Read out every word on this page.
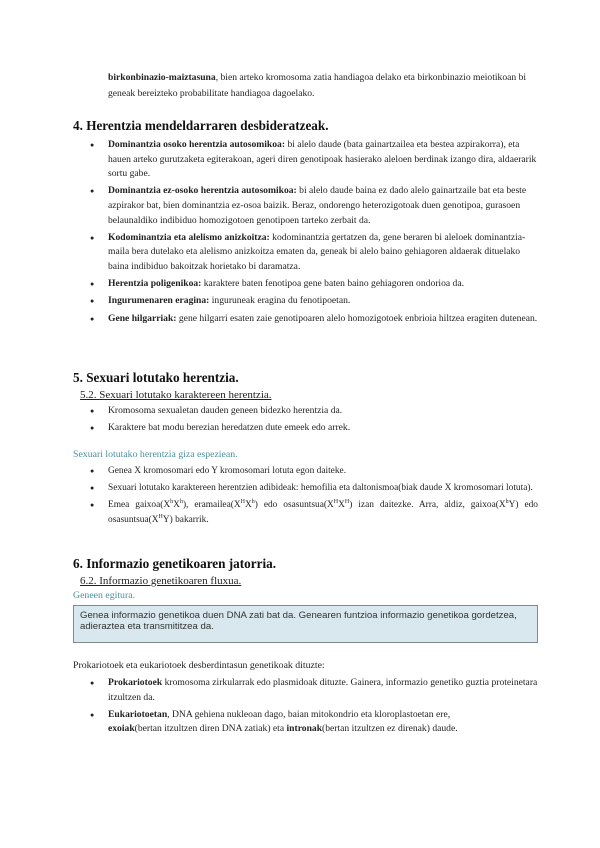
birkonbinazio-maiztasuna, bien arteko kromosoma zatia handiagoa delako eta birkonbinazio meiotikoan bi geneak bereizteko probabilitate handiagoa dagoelako.

4. Herentzia mendeldarraren desbideratzeak.
● Dominantzia osoko herentzia autosomikoa: bi alelo daude (bata gainartzailea eta bestea azpirakorra), eta hauen arteko gurutzaketa egiterakoan, ageri diren genotipoak hasierako aleloen berdinak izango dira, aldaerarik sortu gabe.
● Dominantzia ez-osoko herentzia autosomikoa: bi alelo daude baina ez dado alelo gainartzaile bat eta beste azpirakor bat, bien dominantzia ez-osoa baizik. Beraz, ondorengo heterozigotoak duen genotipoa, gurasoen belaunaldiko indibiduo homozigotoen genotipoen tarteko zerbait da.
● Kodominantzia eta alelismo anizkoitza: kodominantzia gertatzen da, gene beraren bi aleloek dominantzia-maila bera dutelako eta alelismo anizkoitza ematen da, geneak bi alelo baino gehiagoren aldaerak dituelako baina indibiduo bakoitzak horietako bi daramatza.
● Herentzia poligenikoa: karaktere baten fenotipoa gene baten baino gehiagoren ondorioa da.
● Ingurumenaren eragina: inguruneak eragina du fenotipoetan.
● Gene hilgarriak: gene hilgarri esaten zaie genotipoaren alelo homozigotoek enbrioia hiltzea eragiten dutenean.
5. Sexuari lotutako herentzia.
5.2. Sexuari lotutako karaktereen herentzia.
● Kromosoma sexualetan dauden geneen bidezko herentzia da.
● Karaktere bat modu berezian heredatzen dute emeek edo arrek.
Sexuari lotutako herentzia giza espeziean.
● Genea X kromosomari edo Y kromosomari lotuta egon daiteke.
● Sexuari lotutako karaktereen herentzien adibideak: hemofilia eta daltonismoa(biak daude X kromosomari lotuta).
● Emea $gaixoa(X^hX^h)$, $eramailea(X^HX^h)$ edo $osasuntsua(X^HX^H)$ izan daitezke. Arra, aldiz, $gaixoa(X^hY)$ edo $osasuntsua(X^HY)$ bakarrik.
6. Informazio genetikoaren jatorria.
6.2. Informazio genetikoaren fluxua.
Geneen egitura.
Genea informazio genetikoa duen DNA zati bat da. Genearen funtzioa informazio genetikoa gordetzea, adieraztea eta transmititzea da.
Prokariotoek eta eukariotoek desberdintasun genetikoak dituzte:
● Prokariotoek kromosoma zirkularrak edo plasmidoak dituzte. Gainera, informazio genetiko guztia proteinetara itzultzen da.
● Eukariotoetan, DNA gehiena nukleoan dago, baian mitokondrio eta kloroplastoetan ere,
exoiak(bertan itzultzen diren DNA zatiak) eta intronak(bertan itzultzen ez direnak) daude.
